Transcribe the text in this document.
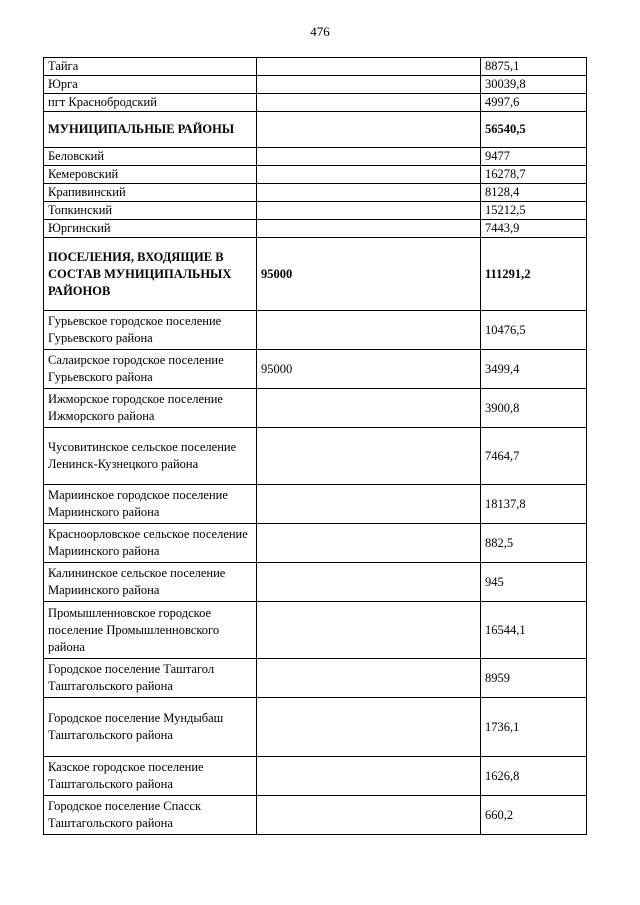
476
Тайга		8875,1
Юрга		30039,8
пгт Краснобродский		4997,6
МУНИЦИПАЛЬНЫЕ РАЙОНЫ		56540,5
Беловский		9477
Кемеровский		16278,7
Крапивинский		8128,4
Топкинский		15212,5
Юргинский		7443,9
ПОСЕЛЕНИЯ, ВХОДЯЩИЕ В СОСТАВ МУНИЦИПАЛЬНЫХ РАЙОНОВ	95000	111291,2
Гурьевское городское поселение Гурьевского района		10476,5
Салаирское городское поселение Гурьевского района	95000	3499,4
Ижморское городское поселение Ижморского района		3900,8
Чусовитинское сельское поселение Ленинск-Кузнецкого района		7464,7
Мариинское городское поселение Мариинского района		18137,8
Красноорловское сельское поселение Мариинского района		882,5
Калининское сельское поселение Мариинского района		945
Промышленновское городское поселение Промышленновского района		16544,1
Городское поселение Таштагол Таштагольского района		8959
Городское поселение Мундыбаш Таштагольского района		1736,1
Казское городское поселение Таштагольского района		1626,8
Городское поселение Спасск Таштагольского района		660,2
